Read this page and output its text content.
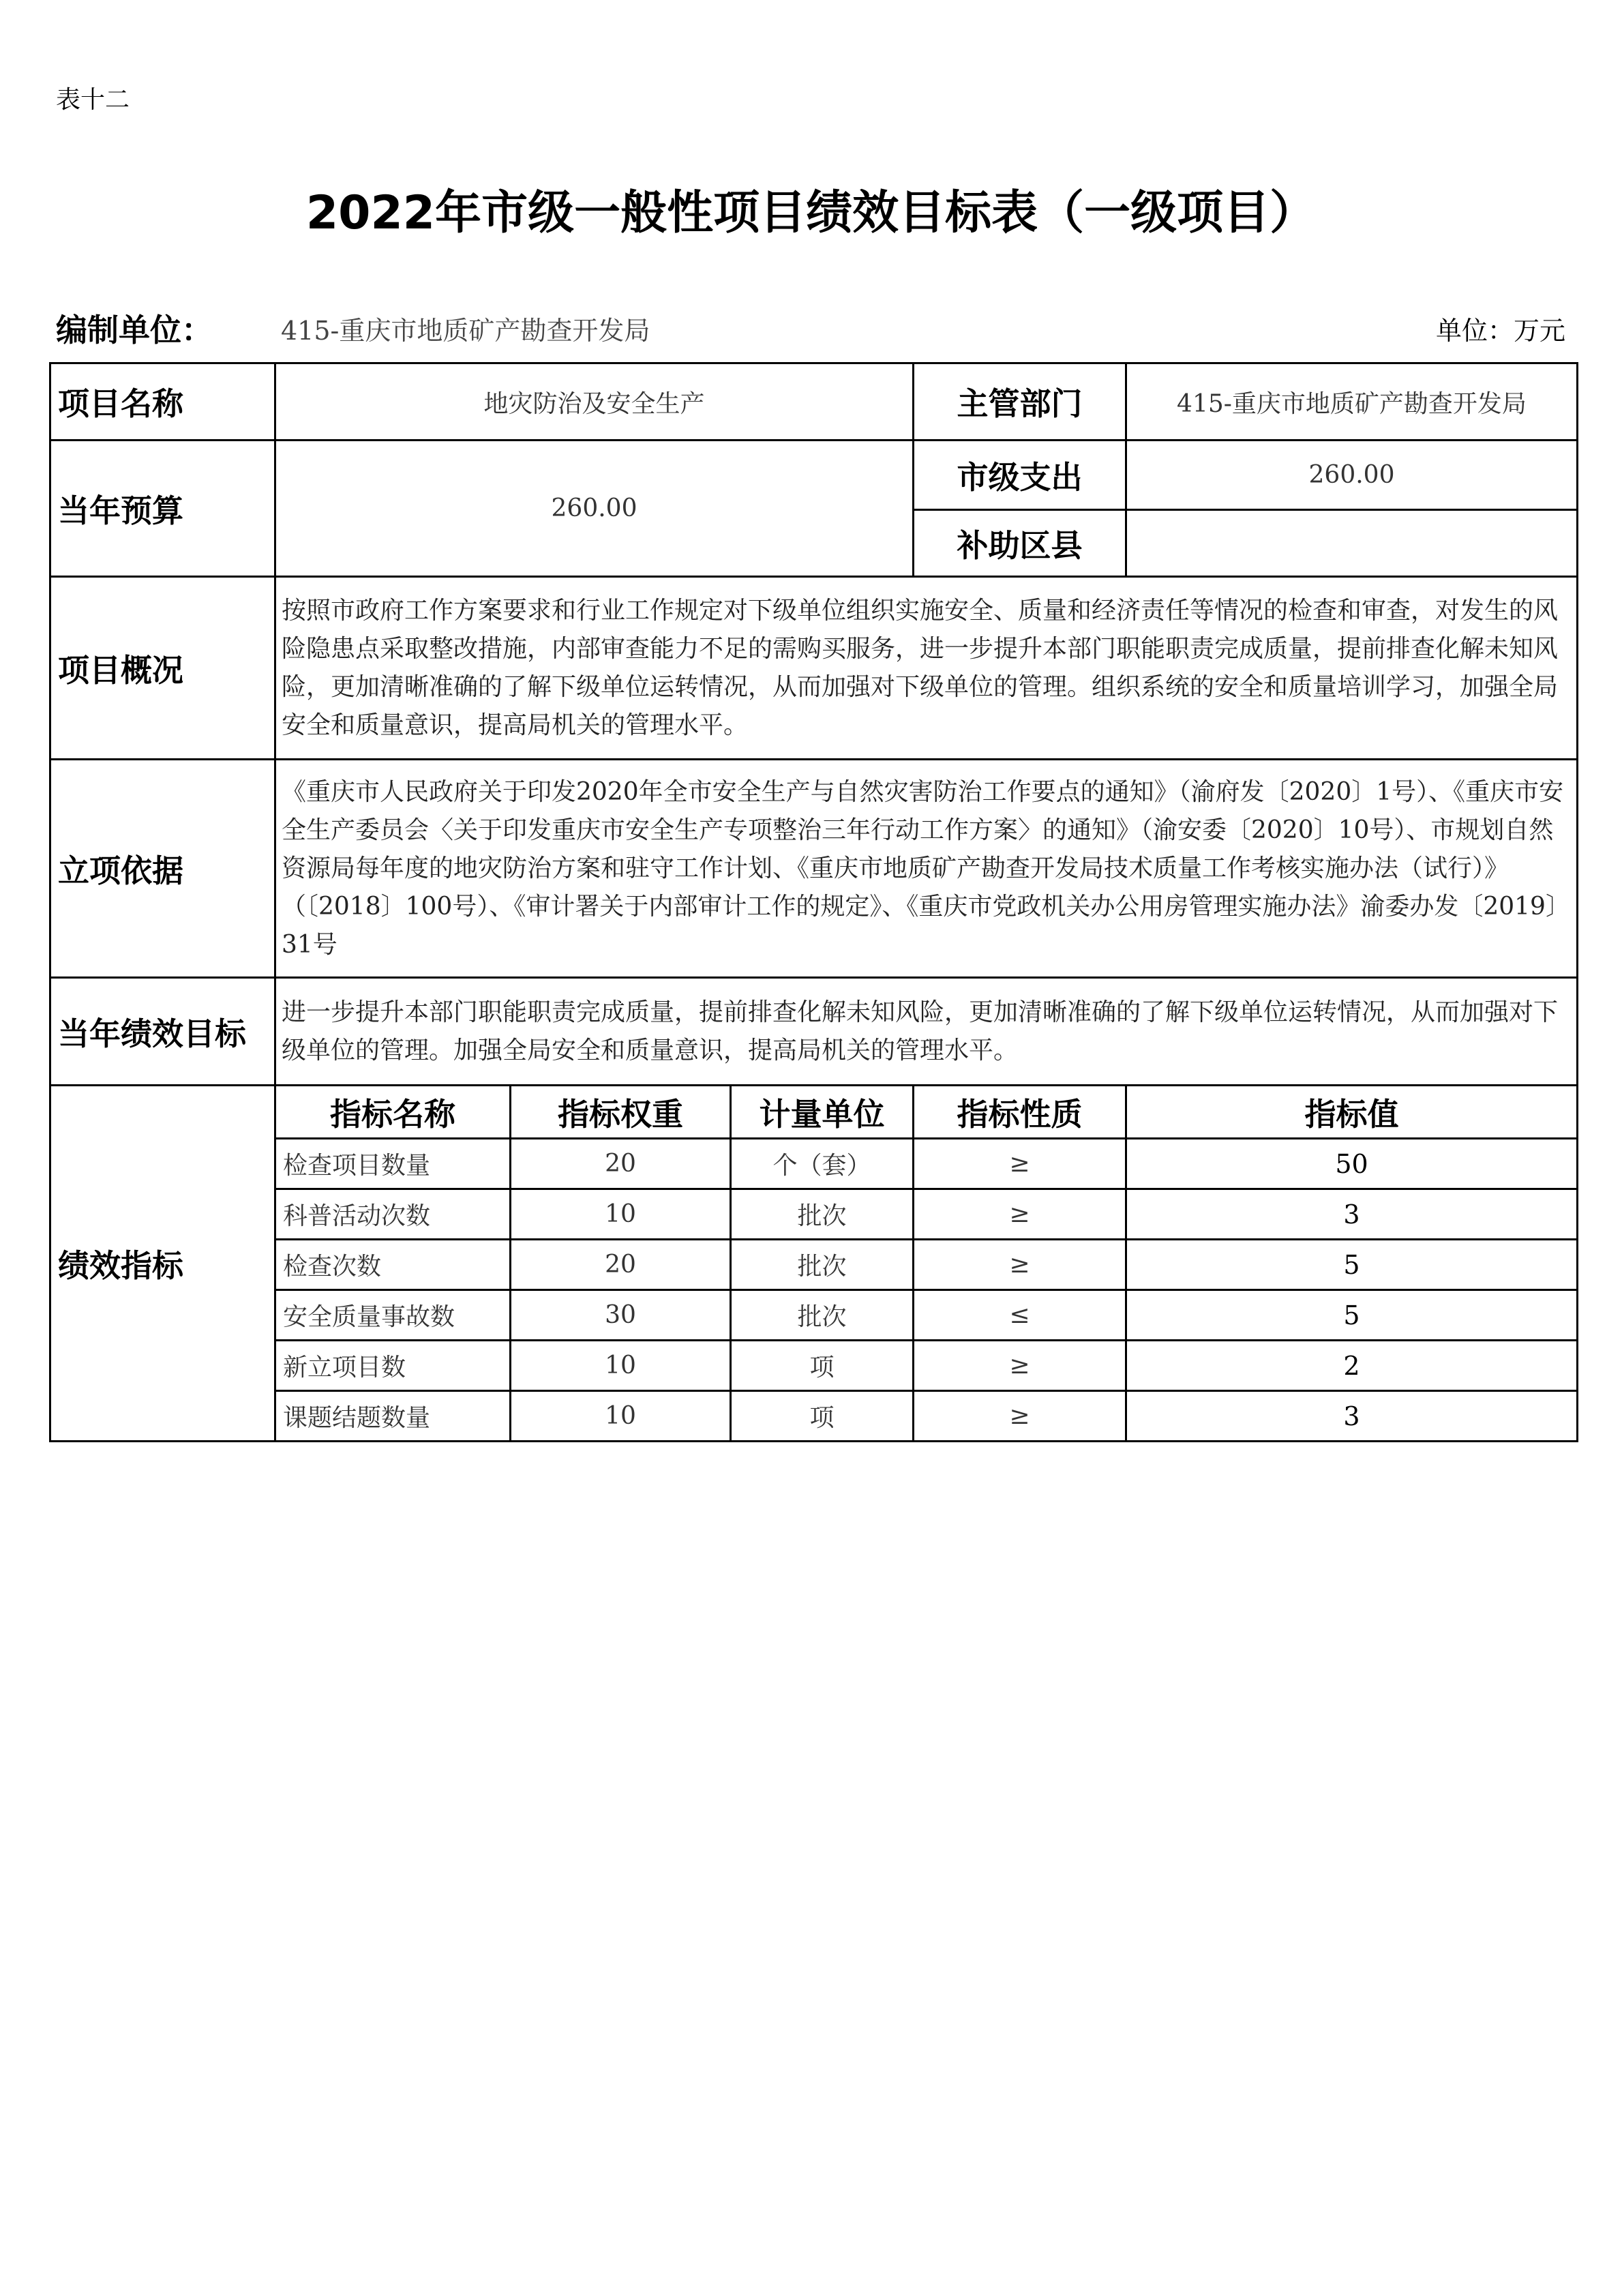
表十二
2022年市级一般性项目绩效目标表（一级项目）
编制单位：	415-重庆市地质矿产勘查开发局	单位：万元
项目名称	地灾防治及安全生产			主管部门	415-重庆市地质矿产勘查开发局
当年预算	260.00			市级支出	260.00
				补助区县	
项目概况	按照市政府工作方案要求和行业工作规定对下级单位组织实施安全、质量和经济责任等情况的检查和审查，对发生的风险隐患点采取整改措施，内部审查能力不足的需购买服务，进一步提升本部门职能职责完成质量，提前排查化解未知风险，更加清晰准确的了解下级单位运转情况，从而加强对下级单位的管理。组织系统的安全和质量培训学习，加强全局安全和质量意识，提高局机关的管理水平。				
立项依据	《重庆市人民政府关于印发2020年全市安全生产与自然灾害防治工作要点的通知》（渝府发〔2020〕1号）、《重庆市安全生产委员会〈关于印发重庆市安全生产专项整治三年行动工作方案〉的通知》（渝安委〔2020〕10号）、市规划自然资源局每年度的地灾防治方案和驻守工作计划、《重庆市地质矿产勘查开发局技术质量工作考核实施办法（试行）》（〔2018〕100号）、《审计署关于内部审计工作的规定》、《重庆市党政机关办公用房管理实施办法》渝委办发〔2019〕31号				
当年绩效目标	进一步提升本部门职能职责完成质量，提前排查化解未知风险，更加清晰准确的了解下级单位运转情况，从而加强对下级单位的管理。加强全局安全和质量意识，提高局机关的管理水平。				
绩效指标	指标名称	指标权重	计量单位	指标性质	指标值
	检查项目数量	20	个（套）	≥	50
	科普活动次数	10	批次	≥	3
	检查次数	20	批次	≥	5
	安全质量事故数	30	批次	≤	5
	新立项目数	10	项	≥	2
	课题结题数量	10	项	≥	3
